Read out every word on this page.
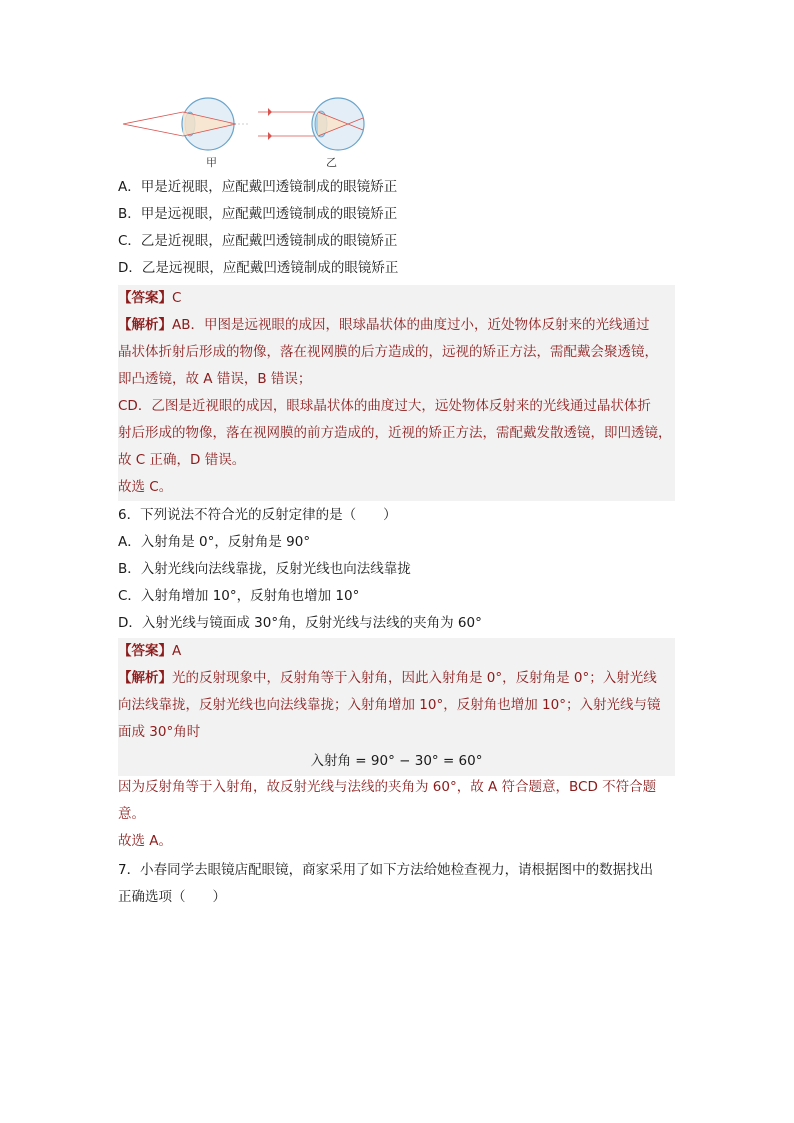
甲	乙
A．甲是近视眼，应配戴凹透镜制成的眼镜矫正
B．甲是远视眼，应配戴凹透镜制成的眼镜矫正
C．乙是近视眼，应配戴凹透镜制成的眼镜矫正
D．乙是远视眼，应配戴凹透镜制成的眼镜矫正
【答案】C
【解析】AB．甲图是远视眼的成因，眼球晶状体的曲度过小，近处物体反射来的光线通过
晶状体折射后形成的物像，落在视网膜的后方造成的，远视的矫正方法，需配戴会聚透镜，
即凸透镜，故 A 错误，B 错误；
CD．乙图是近视眼的成因，眼球晶状体的曲度过大，远处物体反射来的光线通过晶状体折
射后形成的物像，落在视网膜的前方造成的，近视的矫正方法，需配戴发散透镜，即凹透镜，
故 C 正确，D 错误。
故选 C。
6．下列说法不符合光的反射定律的是（　　）
A．入射角是 0°，反射角是 90°
B．入射光线向法线靠拢，反射光线也向法线靠拢
C．入射角增加 10°，反射角也增加 10°
D．入射光线与镜面成 30°角，反射光线与法线的夹角为 60°
【答案】A
【解析】光的反射现象中，反射角等于入射角，因此入射角是 0°，反射角是 0°；入射光线
向法线靠拢，反射光线也向法线靠拢；入射角增加 10°，反射角也增加 10°；入射光线与镜
面成 30°角时
入射角 = 90° − 30° = 60°
因为反射角等于入射角，故反射光线与法线的夹角为 60°，故 A 符合题意，BCD 不符合题
意。
故选 A。
7．小春同学去眼镜店配眼镜，商家采用了如下方法给她检查视力，请根据图中的数据找出
正确选项（　　）
